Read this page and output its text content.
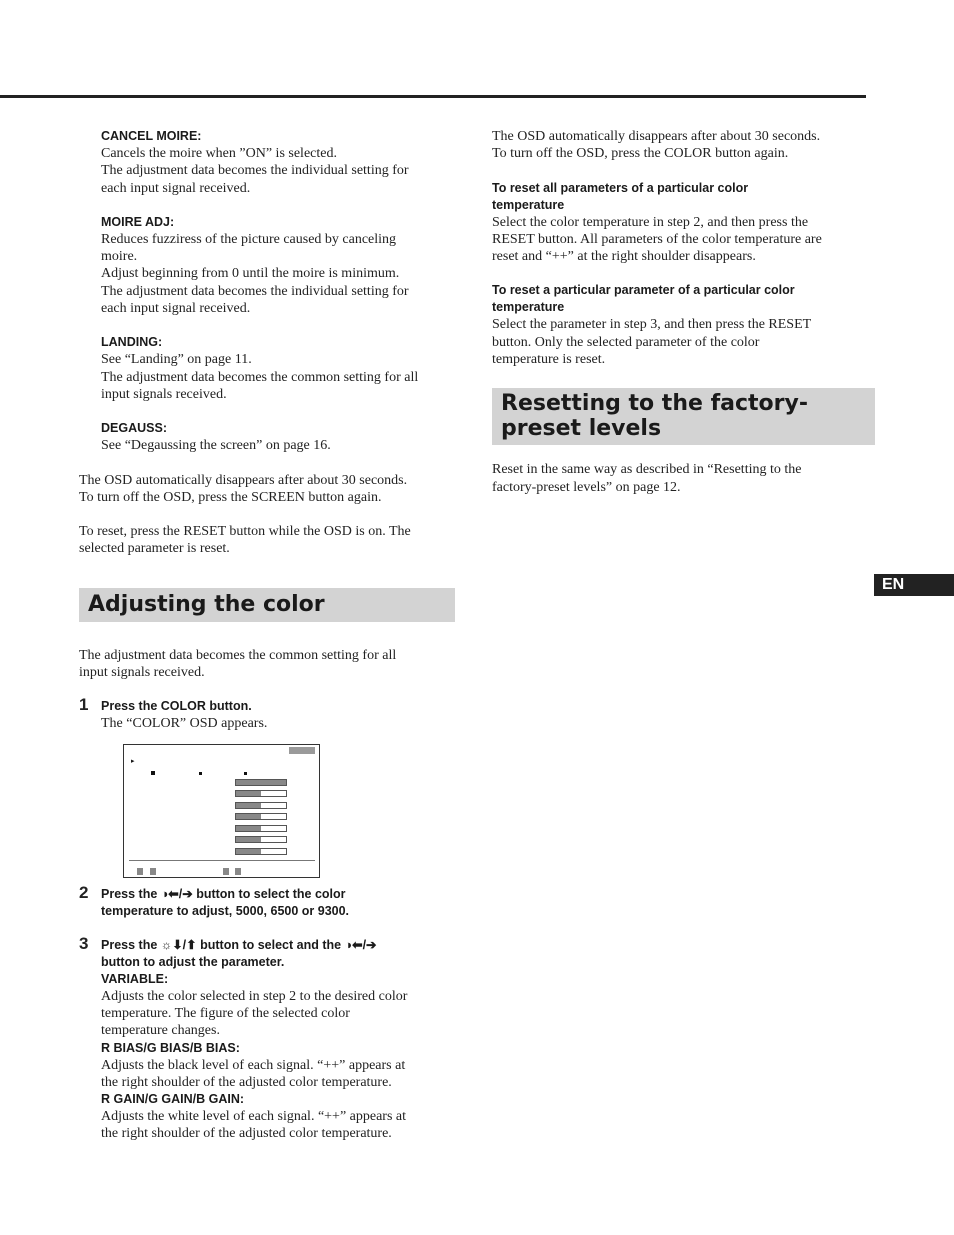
CANCEL MOIRE:
Cancels the moire when ”ON” is selected.
The adjustment data becomes the individual setting for
each input signal received.
MOIRE ADJ:
Reduces fuzziress of the picture caused by canceling
moire.
Adjust beginning from 0 until the moire is minimum.
The adjustment data becomes the individual setting for
each input signal received.
LANDING:
See “Landing” on page 11.
The adjustment data becomes the common setting for all
input signals received.
DEGAUSS:
See “Degaussing the screen” on page 16.
The OSD automatically disappears after about 30 seconds.
To turn off the OSD, press the SCREEN button again.
To reset, press the RESET button while the OSD is on. The
selected parameter is reset.
Adjusting the color
The adjustment data becomes the common setting for all
input signals received.
1 Press the COLOR button.
The “COLOR” OSD appears.
▸
2 Press the ◑⬅/➔ button to select the color
temperature to adjust, 5000, 6500 or 9300.
3 Press the ☼⬇/⬆ button to select and the ◑⬅/➔
button to adjust the parameter.
VARIABLE:
Adjusts the color selected in step 2 to the desired color
temperature. The figure of the selected color
temperature changes.
R BIAS/G BIAS/B BIAS:
Adjusts the black level of each signal. “++” appears at
the right shoulder of the adjusted color temperature.
R GAIN/G GAIN/B GAIN:
Adjusts the white level of each signal. “++” appears at
the right shoulder of the adjusted color temperature.
The OSD automatically disappears after about 30 seconds.
To turn off the OSD, press the COLOR button again.
To reset all parameters of a particular color
temperature
Select the color temperature in step 2, and then press the
RESET button. All parameters of the color temperature are
reset and “++” at the right shoulder disappears.
To reset a particular parameter of a particular color
temperature
Select the parameter in step 3, and then press the RESET
button. Only the selected parameter of the color
temperature is reset.
Resetting to the factory-
preset levels
Reset in the same way as described in “Resetting to the
factory-preset levels” on page 12.
EN
